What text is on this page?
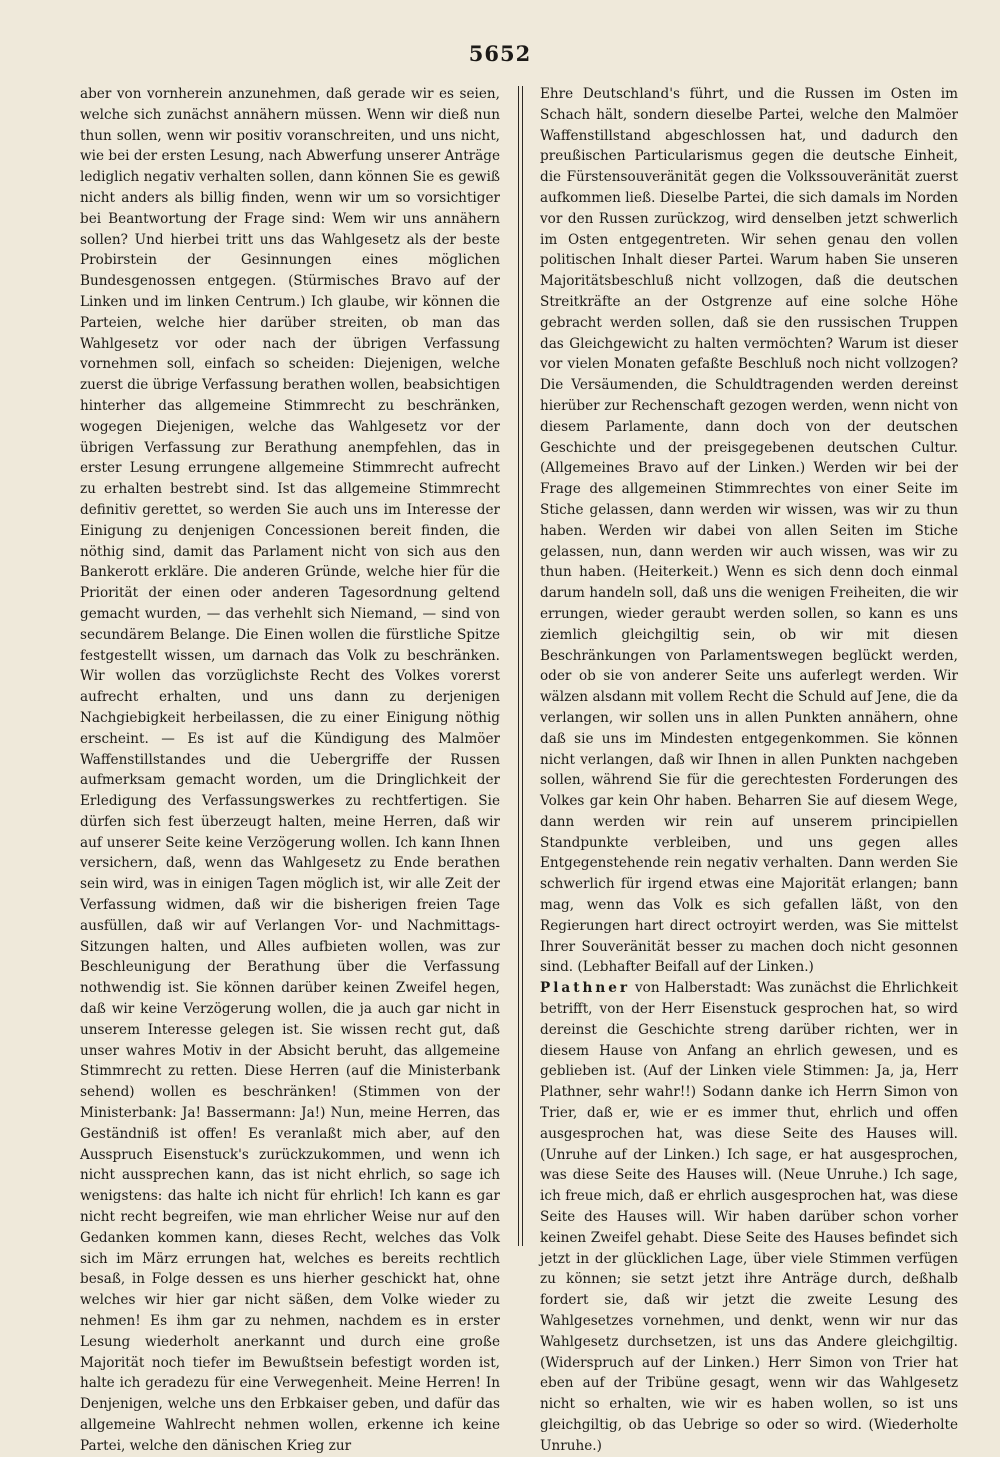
5652

aber von vornherein anzunehmen, daß gerade wir es seien, welche sich zunächst annähern müssen. Wenn wir dieß nun thun sollen, wenn wir positiv voranschreiten, und uns nicht, wie bei der ersten Lesung, nach Abwerfung unserer Anträge lediglich negativ verhalten sollen, dann können Sie es gewiß nicht anders als billig finden, wenn wir um so vorsichtiger bei Beantwortung der Frage sind: Wem wir uns annähern sollen? Und hierbei tritt uns das Wahlgesetz als der beste Probirstein der Gesinnungen eines möglichen Bundesgenossen entgegen. (Stürmisches Bravo auf der Linken und im linken Centrum.) Ich glaube, wir können die Parteien, welche hier darüber streiten, ob man das Wahlgesetz vor oder nach der übrigen Verfassung vornehmen soll, einfach so scheiden: Diejenigen, welche zuerst die übrige Verfassung berathen wollen, beabsichtigen hinterher das allgemeine Stimmrecht zu beschränken, wogegen Diejenigen, welche das Wahlgesetz vor der übrigen Verfassung zur Berathung anempfehlen, das in erster Lesung errungene allgemeine Stimmrecht aufrecht zu erhalten bestrebt sind. Ist das allgemeine Stimmrecht definitiv gerettet, so werden Sie auch uns im Interesse der Einigung zu denjenigen Concessionen bereit finden, die nöthig sind, damit das Parlament nicht von sich aus den Bankerott erkläre. Die anderen Gründe, welche hier für die Priorität der einen oder anderen Tagesordnung geltend gemacht wurden, — das verhehlt sich Niemand, — sind von secundärem Belange. Die Einen wollen die fürstliche Spitze festgestellt wissen, um darnach das Volk zu beschränken. Wir wollen das vorzüglichste Recht des Volkes vorerst aufrecht erhalten, und uns dann zu derjenigen Nachgiebigkeit herbeilassen, die zu einer Einigung nöthig erscheint. — Es ist auf die Kündigung des Malmöer Waffenstillstandes und die Uebergriffe der Russen aufmerksam gemacht worden, um die Dringlichkeit der Erledigung des Verfassungswerkes zu rechtfertigen. Sie dürfen sich fest überzeugt halten, meine Herren, daß wir auf unserer Seite keine Verzögerung wollen. Ich kann Ihnen versichern, daß, wenn das Wahlgesetz zu Ende berathen sein wird, was in einigen Tagen möglich ist, wir alle Zeit der Verfassung widmen, daß wir die bisherigen freien Tage ausfüllen, daß wir auf Verlangen Vor- und Nachmittags-Sitzungen halten, und Alles aufbieten wollen, was zur Beschleunigung der Berathung über die Verfassung nothwendig ist. Sie können darüber keinen Zweifel hegen, daß wir keine Verzögerung wollen, die ja auch gar nicht in unserem Interesse gelegen ist. Sie wissen recht gut, daß unser wahres Motiv in der Absicht beruht, das allgemeine Stimmrecht zu retten. Diese Herren (auf die Ministerbank sehend) wollen es beschränken! (Stimmen von der Ministerbank: Ja! Bassermann: Ja!) Nun, meine Herren, das Geständniß ist offen! Es veranlaßt mich aber, auf den Ausspruch Eisenstuck's zurückzukommen, und wenn ich nicht aussprechen kann, das ist nicht ehrlich, so sage ich wenigstens: das halte ich nicht für ehrlich! Ich kann es gar nicht recht begreifen, wie man ehrlicher Weise nur auf den Gedanken kommen kann, dieses Recht, welches das Volk sich im März errungen hat, welches es bereits rechtlich besaß, in Folge dessen es uns hierher geschickt hat, ohne welches wir hier gar nicht säßen, dem Volke wieder zu nehmen! Es ihm gar zu nehmen, nachdem es in erster Lesung wiederholt anerkannt und durch eine große Majorität noch tiefer im Bewußtsein befestigt worden ist, halte ich geradezu für eine Verwegenheit. Meine Herren! In Denjenigen, welche uns den Erbkaiser geben, und dafür das allgemeine Wahlrecht nehmen wollen, erkenne ich keine Partei, welche den dänischen Krieg zur

Ehre Deutschland's führt, und die Russen im Osten im Schach hält, sondern dieselbe Partei, welche den Malmöer Waffenstillstand abgeschlossen hat, und dadurch den preußischen Particularismus gegen die deutsche Einheit, die Fürstensouveränität gegen die Volkssouveränität zuerst aufkommen ließ. Dieselbe Partei, die sich damals im Norden vor den Russen zurückzog, wird denselben jetzt schwerlich im Osten entgegentreten. Wir sehen genau den vollen politischen Inhalt dieser Partei. Warum haben Sie unseren Majoritätsbeschluß nicht vollzogen, daß die deutschen Streitkräfte an der Ostgrenze auf eine solche Höhe gebracht werden sollen, daß sie den russischen Truppen das Gleichgewicht zu halten vermöchten? Warum ist dieser vor vielen Monaten gefaßte Beschluß noch nicht vollzogen? Die Versäumenden, die Schuldtragenden werden dereinst hierüber zur Rechenschaft gezogen werden, wenn nicht von diesem Parlamente, dann doch von der deutschen Geschichte und der preisgegebenen deutschen Cultur. (Allgemeines Bravo auf der Linken.) Werden wir bei der Frage des allgemeinen Stimmrechtes von einer Seite im Stiche gelassen, dann werden wir wissen, was wir zu thun haben. Werden wir dabei von allen Seiten im Stiche gelassen, nun, dann werden wir auch wissen, was wir zu thun haben. (Heiterkeit.) Wenn es sich denn doch einmal darum handeln soll, daß uns die wenigen Freiheiten, die wir errungen, wieder geraubt werden sollen, so kann es uns ziemlich gleichgiltig sein, ob wir mit diesen Beschränkungen von Parlamentswegen beglückt werden, oder ob sie von anderer Seite uns auferlegt werden. Wir wälzen alsdann mit vollem Recht die Schuld auf Jene, die da verlangen, wir sollen uns in allen Punkten annähern, ohne daß sie uns im Mindesten entgegenkommen. Sie können nicht verlangen, daß wir Ihnen in allen Punkten nachgeben sollen, während Sie für die gerechtesten Forderungen des Volkes gar kein Ohr haben. Beharren Sie auf diesem Wege, dann werden wir rein auf unserem principiellen Standpunkte verbleiben, und uns gegen alles Entgegenstehende rein negativ verhalten. Dann werden Sie schwerlich für irgend etwas eine Majorität erlangen; bann mag, wenn das Volk es sich gefallen läßt, von den Regierungen hart direct octroyirt werden, was Sie mittelst Ihrer Souveränität besser zu machen doch nicht gesonnen sind. (Lebhafter Beifall auf der Linken.)

Plathner von Halberstadt: Was zunächst die Ehrlichkeit betrifft, von der Herr Eisenstuck gesprochen hat, so wird dereinst die Geschichte streng darüber richten, wer in diesem Hause von Anfang an ehrlich gewesen, und es geblieben ist. (Auf der Linken viele Stimmen: Ja, ja, Herr Plathner, sehr wahr!!) Sodann danke ich Herrn Simon von Trier, daß er, wie er es immer thut, ehrlich und offen ausgesprochen hat, was diese Seite des Hauses will. (Unruhe auf der Linken.) Ich sage, er hat ausgesprochen, was diese Seite des Hauses will. (Neue Unruhe.) Ich sage, ich freue mich, daß er ehrlich ausgesprochen hat, was diese Seite des Hauses will. Wir haben darüber schon vorher keinen Zweifel gehabt. Diese Seite des Hauses befindet sich jetzt in der glücklichen Lage, über viele Stimmen verfügen zu können; sie setzt jetzt ihre Anträge durch, deßhalb fordert sie, daß wir jetzt die zweite Lesung des Wahlgesetzes vornehmen, und denkt, wenn wir nur das Wahlgesetz durchsetzen, ist uns das Andere gleichgiltig. (Widerspruch auf der Linken.) Herr Simon von Trier hat eben auf der Tribüne gesagt, wenn wir das Wahlgesetz nicht so erhalten, wie wir es haben wollen, so ist uns gleichgiltig, ob das Uebrige so oder so wird. (Wiederholte Unruhe.)
